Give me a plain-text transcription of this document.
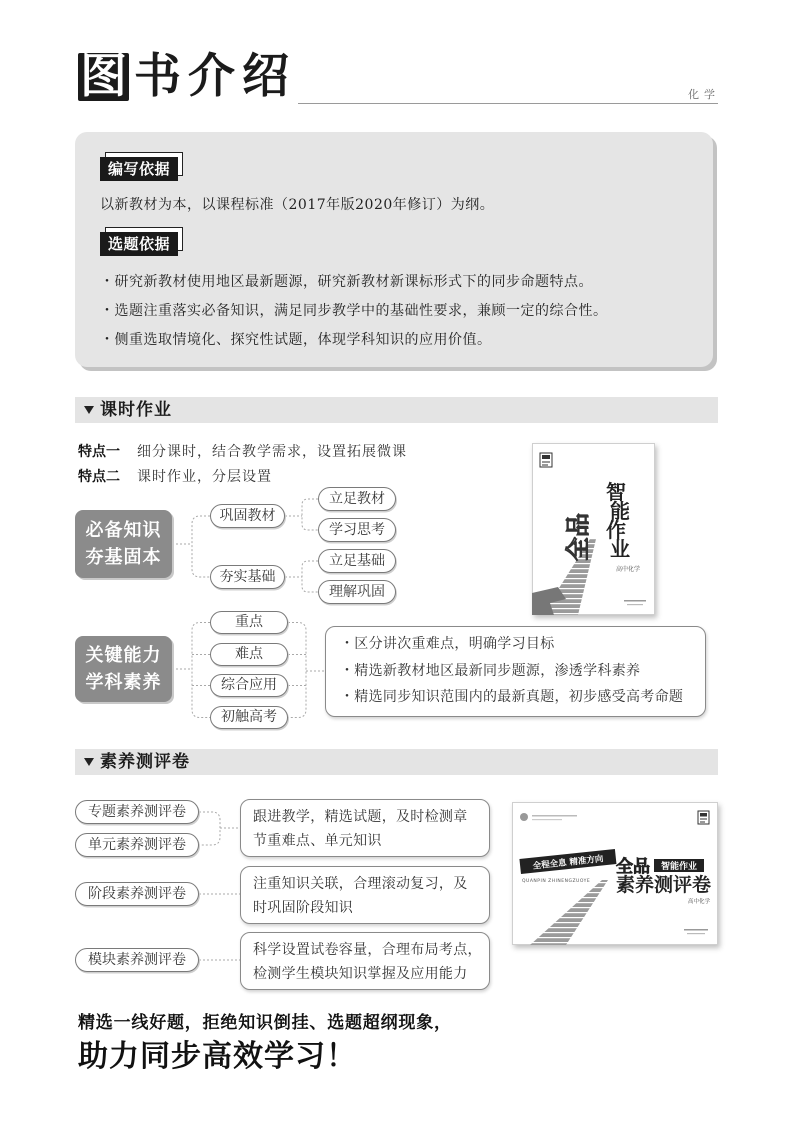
图 书 介 绍	化学
编写依据
以新教材为本，以课程标准（2017年版2020年修订）为纲。
选题依据
・研究新教材使用地区最新题源，研究新教材新课标形式下的同步命题特点。
・选题注重落实必备知识，满足同步教学中的基础性要求，兼顾一定的综合性。
・侧重选取情境化、探究性试题，体现学科知识的应用价值。
课时作业
特点一 细分课时，结合教学需求，设置拓展微课
特点二 课时作业，分层设置
必备知识
夯基固本
巩固教材
夯实基础
立足教材
学习思考
立足基础
理解巩固
关键能力
学科素养
重点
难点
综合应用
初触高考
・区分讲次重难点，明确学习目标
・精选新教材地区最新同步题源，渗透学科素养
・精选同步知识范围内的最新真题，初步感受高考命题
全品
智
能
作
业
高中化学
素养测评卷
专题素养测评卷
单元素养测评卷
阶段素养测评卷
模块素养测评卷
跟进教学，精选试题，及时检测章
节重难点、单元知识
注重知识关联，合理滚动复习，及
时巩固阶段知识
科学设置试卷容量，合理布局考点，
检测学生模块知识掌握及应用能力
全程全息 精准方向
QUANPIN ZHINENGZUOYE
全品 智能作业
素养测评卷
高中化学
精选一线好题，拒绝知识倒挂、选题超纲现象，
助力同步高效学习！
